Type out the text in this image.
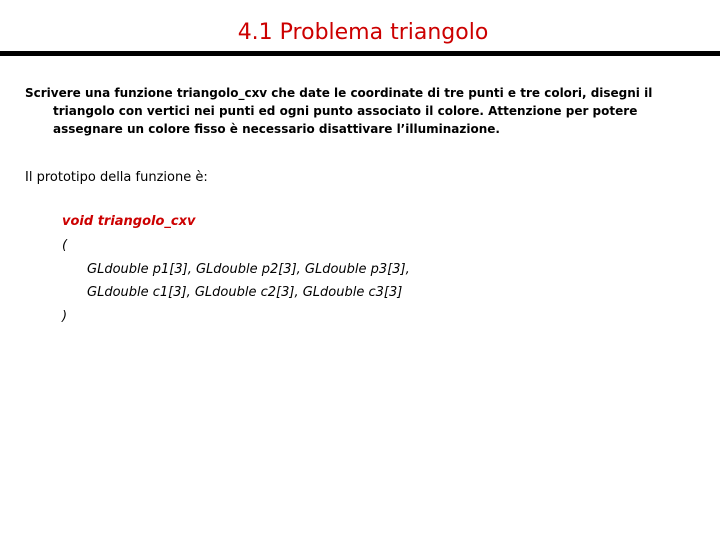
4.1 Problema triangolo
Scrivere una funzione triangolo_cxv che date le coordinate di tre punti e tre colori, disegni il triangolo con vertici nei punti ed ogni punto associato il colore. Attenzione per potere assegnare un colore fisso è necessario disattivare l’illuminazione.
Il prototipo della funzione è:
void triangolo_cxv
(
GLdouble p1[3], GLdouble p2[3], GLdouble p3[3],
GLdouble c1[3], GLdouble c2[3], GLdouble c3[3]
)
